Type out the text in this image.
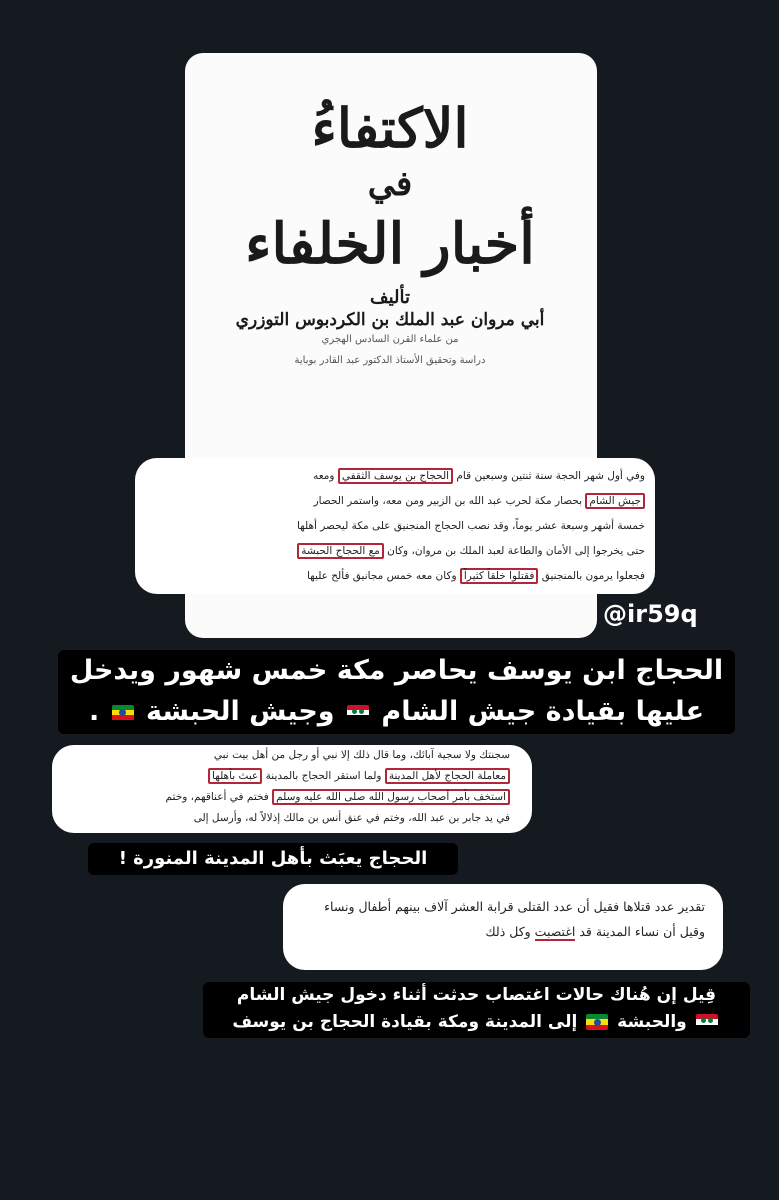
الاكتفاءُ
في
أخبار الخلفاء
تأليف
أبي مروان عبد الملك بن الكردبوس التوزري
من علماء القرن السادس الهجري
دراسة وتحقيق الأستاذ الدكتور عبد القادر بوباية
وفي أول شهر الحجة سنة ثنتين وسبعين قام الحجاج بن يوسف الثقفي ومعه
جيش الشام بحصار مكة لحرب عبد الله بن الزبير ومن معه، واستمر الحصار
خمسة أشهر وسبعة عشر يوماً، وقد نصب الحجاج المنجنيق على مكة ليحصر أهلها
حتى يخرجوا إلى الأمان والطاعة لعبد الملك بن مروان، وكان مع الحجاج الحبشة
فجعلوا يرمون بالمنجنيق فقتلوا خلقاً كثيراً وكان معه خمس مجانيق فألح عليها
@ir59q
الحجاج ابن يوسف يحاصر مكة خمس شهور ويدخل
عليها بقيادة جيش الشام
وجيش الحبشة
.
سجنتك ولا سجية آبائك، وما قال ذلك إلا نبي أو رجل من أهل بيت نبي
معاملة الحجاج لأهل المدينة ولما استقر الحجاج بالمدينة عبث بأهلها
استخف بأمر أصحاب رسول الله صلى الله عليه وسلم فختم في أعناقهم، وختم
في يد جابر بن عبد الله، وختم في عنق أنس بن مالك إذلالاً له، وأرسل إلى
الحجاج يعبَث بأهل المدينة المنورة !
تقدير عدد قتلاها فقيل أن عدد القتلى قرابة العشر آلاف بينهم أطفال ونساء
وقيل أن نساء المدينة قد اغتصبت وكل ذلك
قِيل إن هُناك حالات اغتصاب حدثت أثناء دخول جيش الشام
والحبشة
إلى المدينة ومكة بقيادة الحجاج بن يوسف
